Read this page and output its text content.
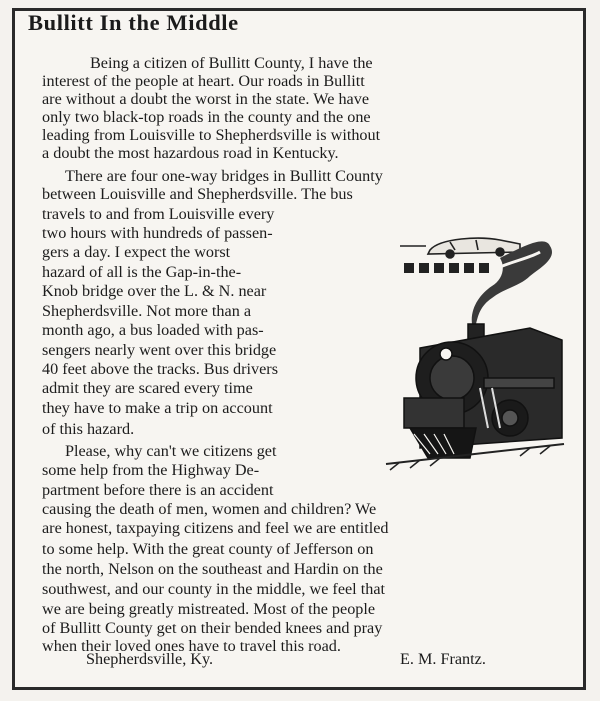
Bullitt In the Middle
Being a citizen of Bullitt County, I have the
interest of the people at heart. Our roads in Bullitt
are without a doubt the worst in the state. We have
only two black-top roads in the county and the one
leading from Louisville to Shepherdsville is without
a doubt the most hazardous road in Kentucky.
There are four one-way bridges in Bullitt County
between Louisville and Shepherdsville. The bus
travels to and from Louisville every
two hours with hundreds of passen-
gers a day. I expect the worst
hazard of all is the Gap-in-the-
Knob bridge over the L. & N. near
Shepherdsville. Not more than a
month ago, a bus loaded with pas-
sengers nearly went over this bridge
40 feet above the tracks. Bus drivers
admit they are scared every time
they have to make a trip on account
of this hazard.
Please, why can't we citizens get
some help from the Highway De-
partment before there is an accident
causing the death of men, women and children? We
are honest, taxpaying citizens and feel we are entitled
to some help. With the great county of Jefferson on
the north, Nelson on the southeast and Hardin on the
southwest, and our county in the middle, we feel that
we are being greatly mistreated. Most of the people
of Bullitt County get on their bended knees and pray
when their loved ones have to travel this road.
Shepherdsville, Ky.	E. M. Frantz.
